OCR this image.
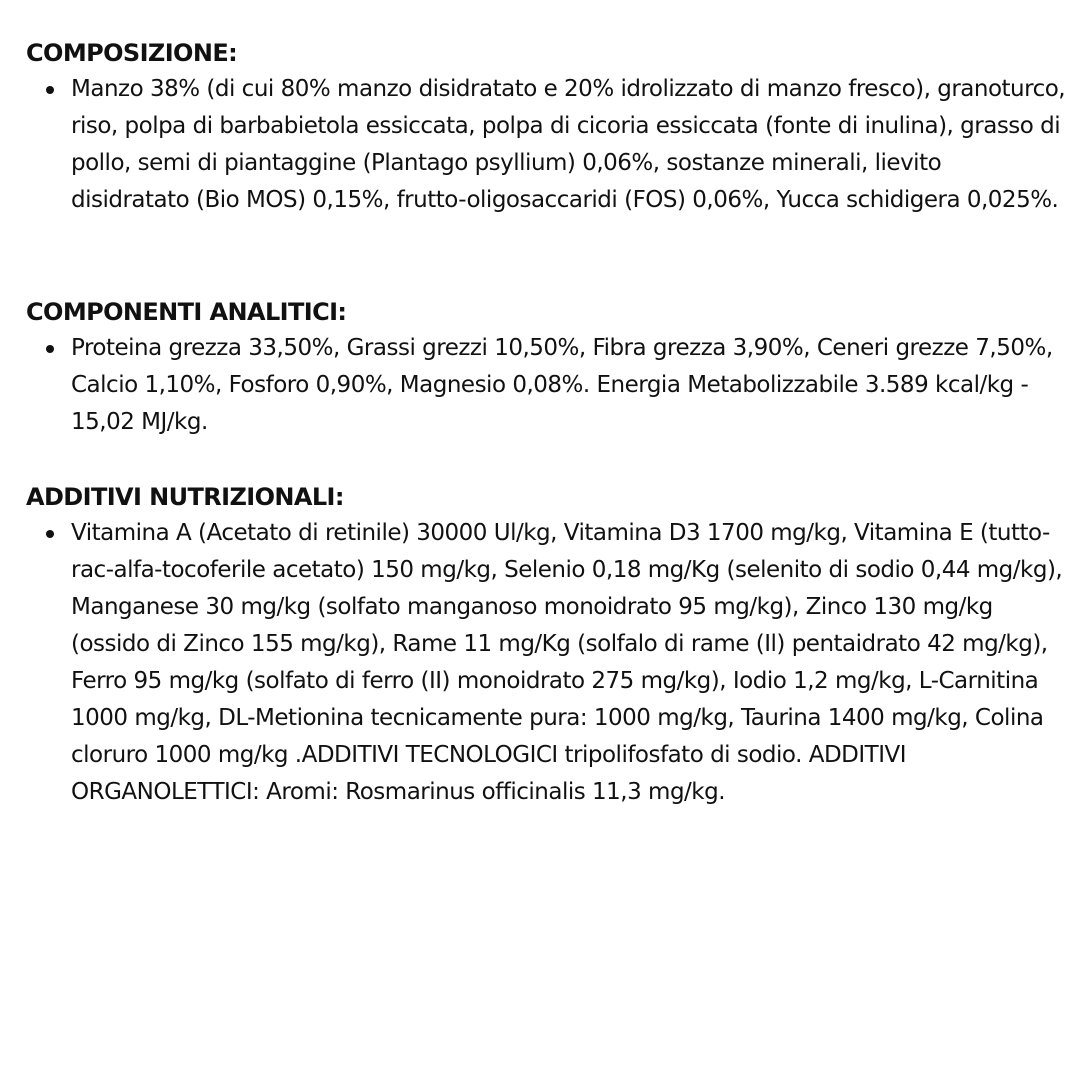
COMPOSIZIONE:
Manzo 38% (di cui 80% manzo disidratato e 20% idrolizzato di manzo fresco), granoturco, riso, polpa di barbabietola essiccata, polpa di cicoria essiccata (fonte di inulina), grasso di pollo, semi di piantaggine (Plantago psyllium) 0,06%, sostanze minerali, lievito disidratato (Bio MOS) 0,15%, frutto-oligosaccaridi (FOS) 0,06%, Yucca schidigera 0,025%.
COMPONENTI ANALITICI:
Proteina grezza 33,50%, Grassi grezzi 10,50%, Fibra grezza 3,90%, Ceneri grezze 7,50%, Calcio 1,10%, Fosforo 0,90%, Magnesio 0,08%. Energia Metabolizzabile 3.589 kcal/kg - 15,02 MJ/kg.
ADDITIVI NUTRIZIONALI:
Vitamina A (Acetato di retinile) 30000 Ul/kg, Vitamina D3 1700 mg/kg, Vitamina E (tutto-rac-alfa-tocoferile acetato) 150 mg/kg, Selenio 0,18 mg/Kg (selenito di sodio 0,44 mg/kg), Manganese 30 mg/kg (solfato manganoso monoidrato 95 mg/kg), Zinco 130 mg/kg (ossido di Zinco 155 mg/kg), Rame 11 mg/Kg (solfalo di rame (Il) pentaidrato 42 mg/kg), Ferro 95 mg/kg (solfato di ferro (II) monoidrato 275 mg/kg), Iodio 1,2 mg/kg, L-Carnitina 1000 mg/kg, DL-Metionina tecnicamente pura: 1000 mg/kg, Taurina 1400 mg/kg, Colina cloruro 1000 mg/kg .ADDITIVI TECNOLOGICI tripolifosfato di sodio. ADDITIVI ORGANOLETTICI: Aromi: Rosmarinus officinalis 11,3 mg/kg.
